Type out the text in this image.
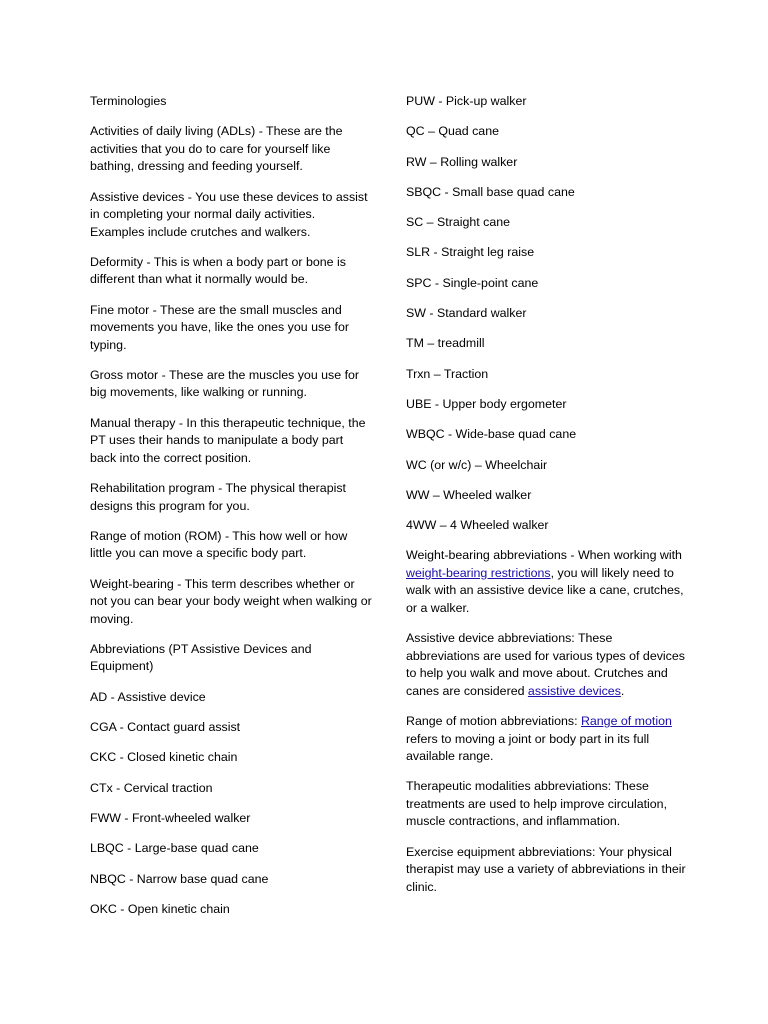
Terminologies

Activities of daily living (ADLs) - These are the activities that you do to care for yourself like bathing, dressing and feeding yourself.

Assistive devices - You use these devices to assist in completing your normal daily activities. Examples include crutches and walkers.

Deformity - This is when a body part or bone is different than what it normally would be.

Fine motor - These are the small muscles and movements you have, like the ones you use for typing.

Gross motor - These are the muscles you use for big movements, like walking or running.

Manual therapy - In this therapeutic technique, the PT uses their hands to manipulate a body part back into the correct position.

Rehabilitation program - The physical therapist designs this program for you.

Range of motion (ROM) - This how well or how little you can move a specific body part.

Weight-bearing - This term describes whether or not you can bear your body weight when walking or moving.

Abbreviations (PT Assistive Devices and Equipment)

AD - Assistive device

CGA - Contact guard assist

CKC - Closed kinetic chain

CTx - Cervical traction

FWW - Front-wheeled walker

LBQC - Large-base quad cane

NBQC - Narrow base quad cane

OKC - Open kinetic chain

PUW - Pick-up walker

QC – Quad cane

RW – Rolling walker

SBQC - Small base quad cane

SC – Straight cane

SLR - Straight leg raise

SPC - Single-point cane

SW - Standard walker

TM – treadmill

Trxn – Traction

UBE - Upper body ergometer

WBQC - Wide-base quad cane

WC (or w/c) – Wheelchair

WW – Wheeled walker

4WW – 4 Wheeled walker

Weight-bearing abbreviations - When working with weight-bearing restrictions, you will likely need to walk with an assistive device like a cane, crutches, or a walker.

Assistive device abbreviations: These abbreviations are used for various types of devices to help you walk and move about. Crutches and canes are considered assistive devices.

Range of motion abbreviations: Range of motion refers to moving a joint or body part in its full available range.

Therapeutic modalities abbreviations: These treatments are used to help improve circulation, muscle contractions, and inflammation.

Exercise equipment abbreviations: Your physical therapist may use a variety of abbreviations in their clinic.
